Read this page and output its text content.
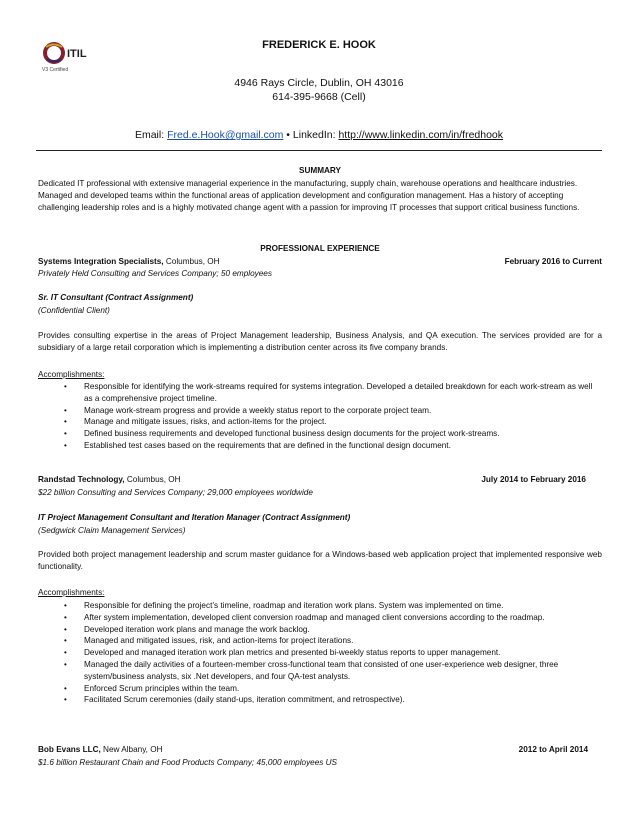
ITIL
V3 Certified
FREDERICK E. HOOK
4946 Rays Circle, Dublin, OH 43016
614-395-9668 (Cell)
Email: Fred.e.Hook@gmail.com • LinkedIn: http://www.linkedin.com/in/fredhook
SUMMARY
Dedicated IT professional with extensive managerial experience in the manufacturing, supply chain, warehouse operations and healthcare industries. Managed and developed teams within the functional areas of application development and configuration management. Has a history of accepting challenging leadership roles and is a highly motivated change agent with a passion for improving IT processes that support critical business functions.
PROFESSIONAL EXPERIENCE
Systems Integration Specialists, Columbus, OH	February 2016 to Current
Privately Held Consulting and Services Company; 50 employees
Sr. IT Consultant (Contract Assignment)
(Confidential Client)
Provides consulting expertise in the areas of Project Management leadership, Business Analysis, and QA execution. The services provided are for a subsidiary of a large retail corporation which is implementing a distribution center across its five company brands.
Accomplishments:
• Responsible for identifying the work-streams required for systems integration. Developed a detailed breakdown for each work-stream as well as a comprehensive project timeline.
• Manage work-stream progress and provide a weekly status report to the corporate project team.
• Manage and mitigate issues, risks, and action-items for the project.
• Defined business requirements and developed functional business design documents for the project work-streams.
• Established test cases based on the requirements that are defined in the functional design document.
Randstad Technology, Columbus, OH	July 2014 to February 2016
$22 billion Consulting and Services Company; 29,000 employees worldwide
IT Project Management Consultant and Iteration Manager (Contract Assignment)
(Sedgwick Claim Management Services)
Provided both project management leadership and scrum master guidance for a Windows-based web application project that implemented responsive web functionality.
Accomplishments:
• Responsible for defining the project’s timeline, roadmap and iteration work plans. System was implemented on time.
• After system implementation, developed client conversion roadmap and managed client conversions according to the roadmap.
• Developed iteration work plans and manage the work backlog.
• Managed and mitigated issues, risk, and action-items for project iterations.
• Developed and managed iteration work plan metrics and presented bi-weekly status reports to upper management.
• Managed the daily activities of a fourteen-member cross-functional team that consisted of one user-experience web designer, three system/business analysts, six .Net developers, and four QA-test analysts.
• Enforced Scrum principles within the team.
• Facilitated Scrum ceremonies (daily stand-ups, iteration commitment, and retrospective).
Bob Evans LLC, New Albany, OH	2012 to April 2014
$1.6 billion Restaurant Chain and Food Products Company; 45,000 employees US
